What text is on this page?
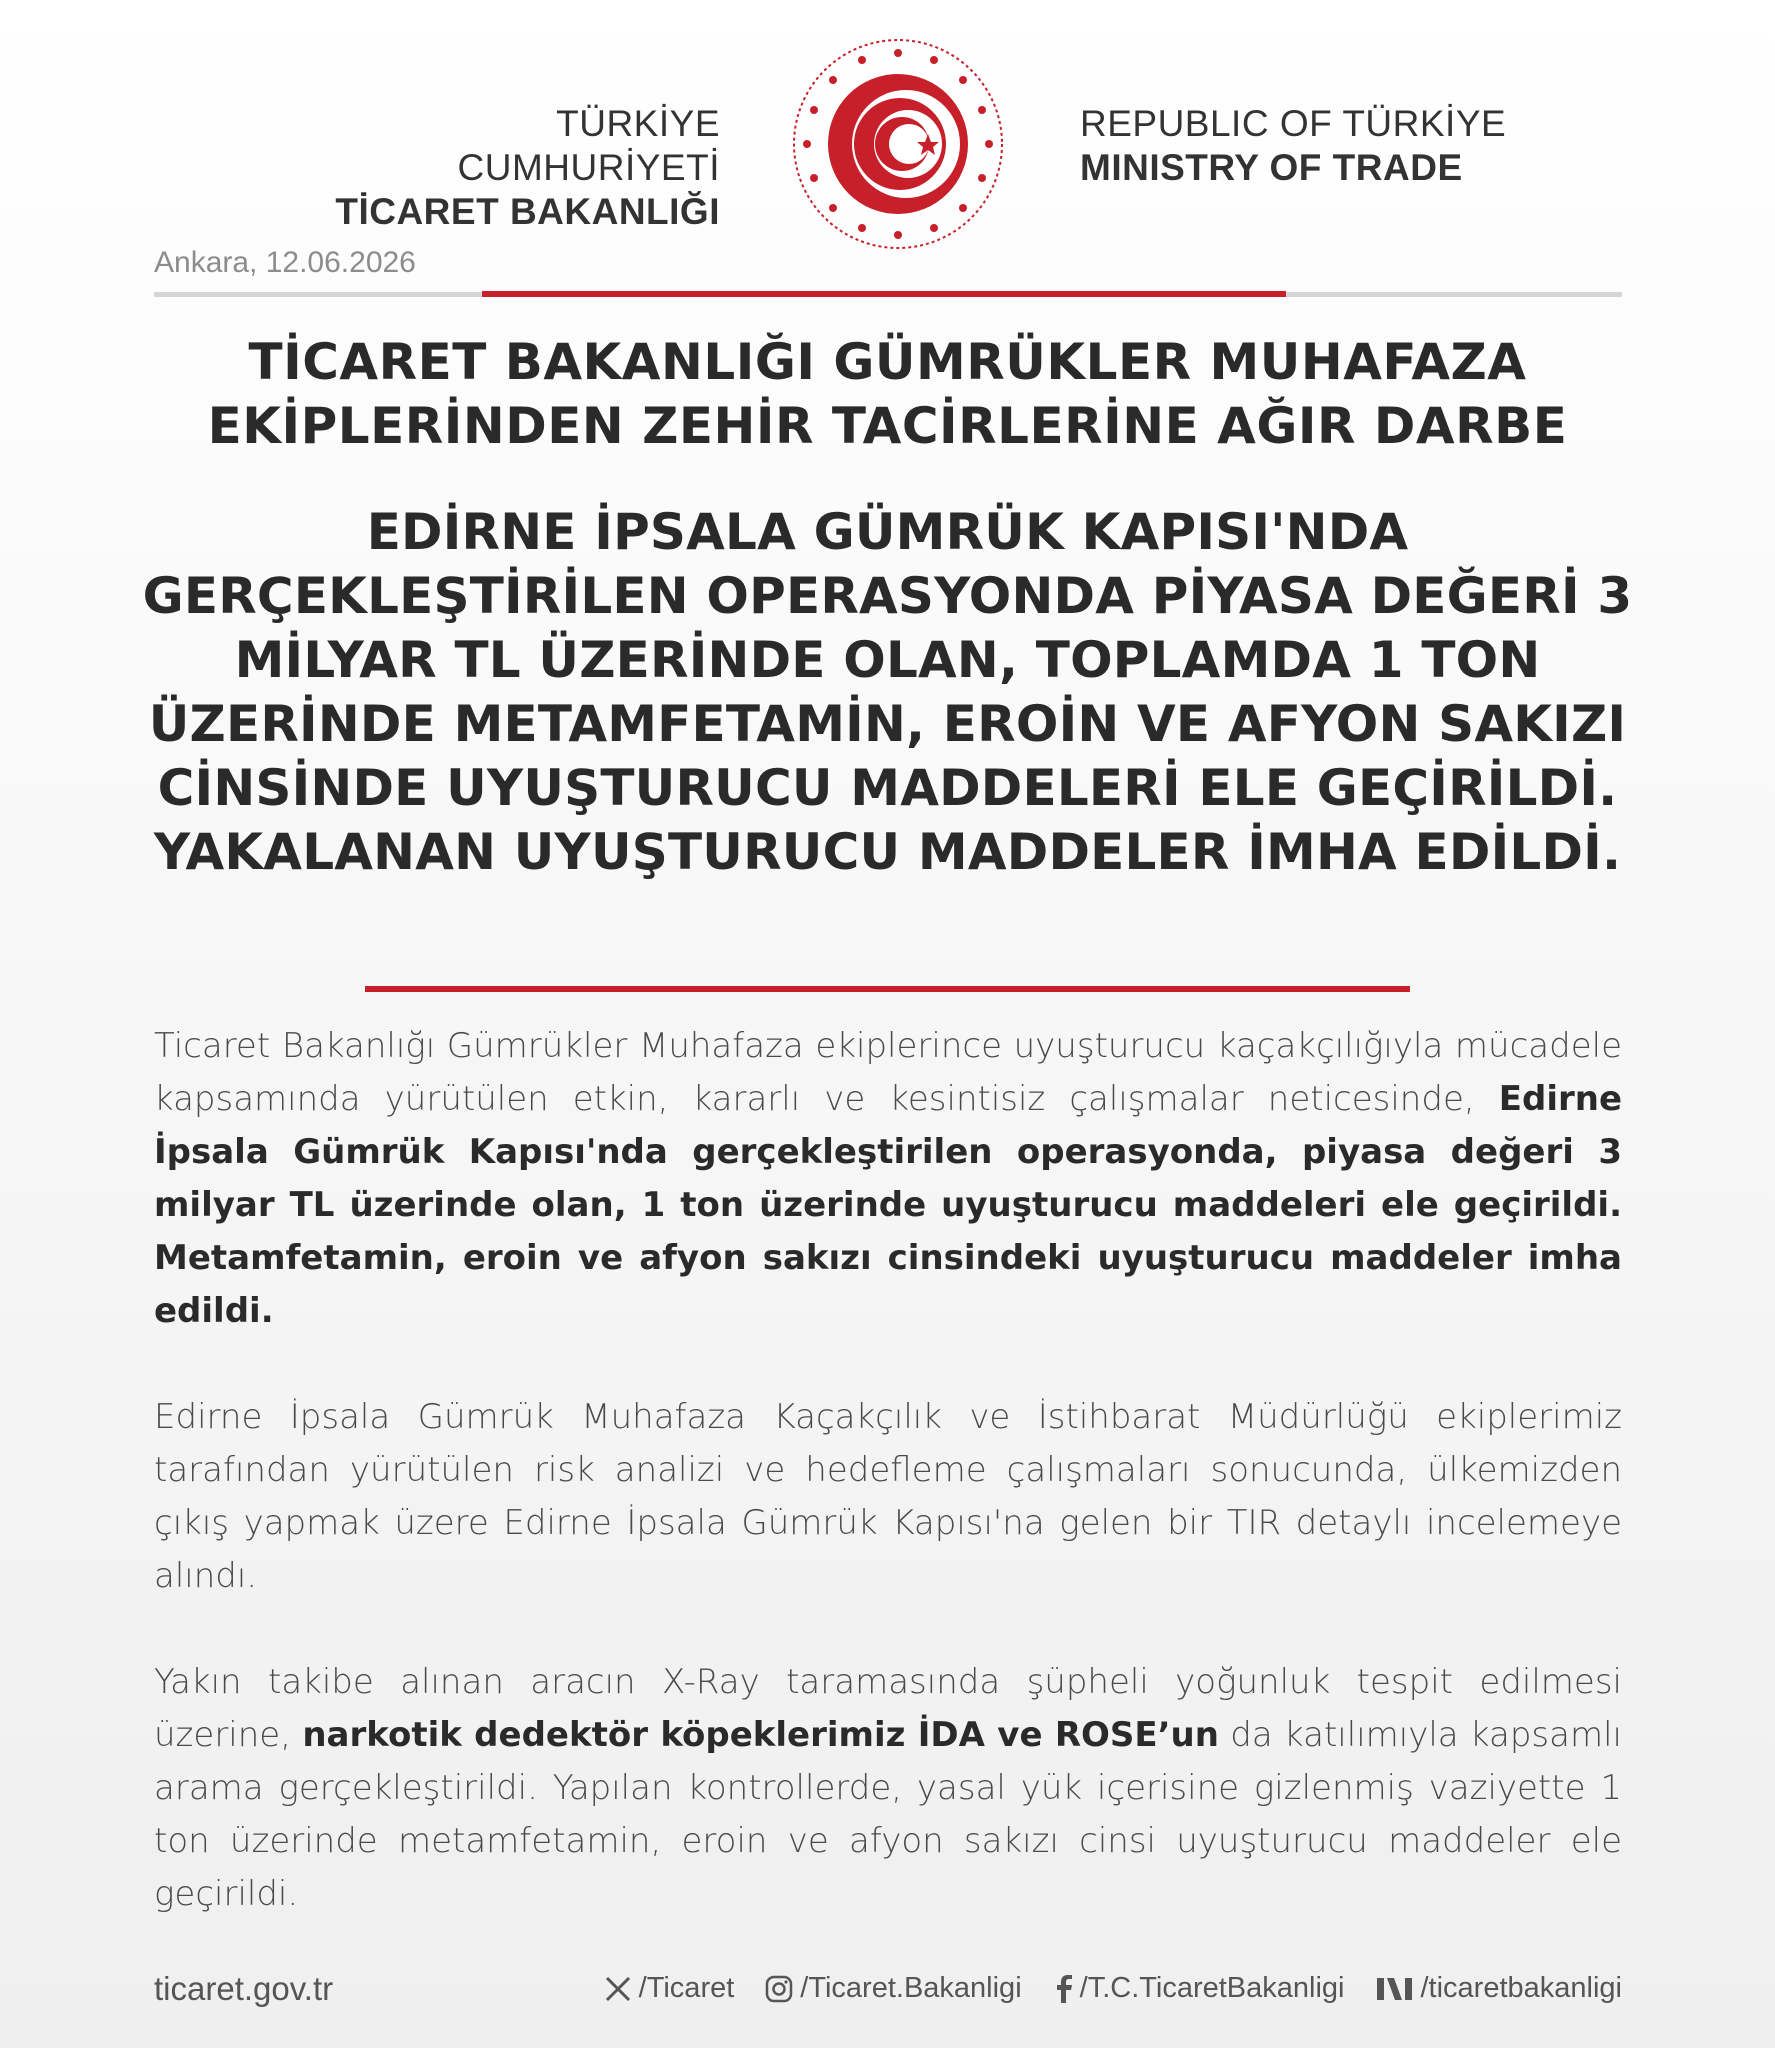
TÜRKİYE CUMHURİYETİ
TİCARET BAKANLIĞI
REPUBLIC OF TÜRKİYE
MINISTRY OF TRADE
Ankara, 12.06.2026
TİCARET BAKANLIĞI GÜMRÜKLER MUHAFAZA EKİPLERİNDEN ZEHİR TACİRLERİNE AĞIR DARBE
EDİRNE İPSALA GÜMRÜK KAPISI'NDA GERÇEKLEŞTİRİLEN OPERASYONDA PİYASA DEĞERİ 3 MİLYAR TL ÜZERİNDE OLAN, TOPLAMDA 1 TON ÜZERİNDE METAMFETAMİN, EROİN VE AFYON SAKIZI CİNSİNDE UYUŞTURUCU MADDELERİ ELE GEÇİRİLDİ. YAKALANAN UYUŞTURUCU MADDELER İMHA EDİLDİ.

Ticaret Bakanlığı Gümrükler Muhafaza ekiplerince uyuşturucu kaçakçılığıyla mücadele kapsamında yürütülen etkin, kararlı ve kesintisiz çalışmalar neticesinde, Edirne İpsala Gümrük Kapısı'nda gerçekleştirilen operasyonda, piyasa değeri 3 milyar TL üzerinde olan, 1 ton üzerinde uyuşturucu maddeleri ele geçirildi. Metamfetamin, eroin ve afyon sakızı cinsindeki uyuşturucu maddeler imha edildi.

Edirne İpsala Gümrük Muhafaza Kaçakçılık ve İstihbarat Müdürlüğü ekiplerimiz tarafından yürütülen risk analizi ve hedefleme çalışmaları sonucunda, ülkemizden çıkış yapmak üzere Edirne İpsala Gümrük Kapısı'na gelen bir TIR detaylı incelemeye alındı.

Yakın takibe alınan aracın X-Ray taramasında şüpheli yoğunluk tespit edilmesi üzerine, narkotik dedektör köpeklerimiz İDA ve ROSE’un da katılımıyla kapsamlı arama gerçekleştirildi. Yapılan kontrollerde, yasal yük içerisine gizlenmiş vaziyette 1 ton üzerinde metamfetamin, eroin ve afyon sakızı cinsi uyuşturucu maddeler ele geçirildi.

ticaret.gov.tr	/Ticaret /Ticaret.Bakanligi /T.C.TicaretBakanligi	/ticaretbakanligi
